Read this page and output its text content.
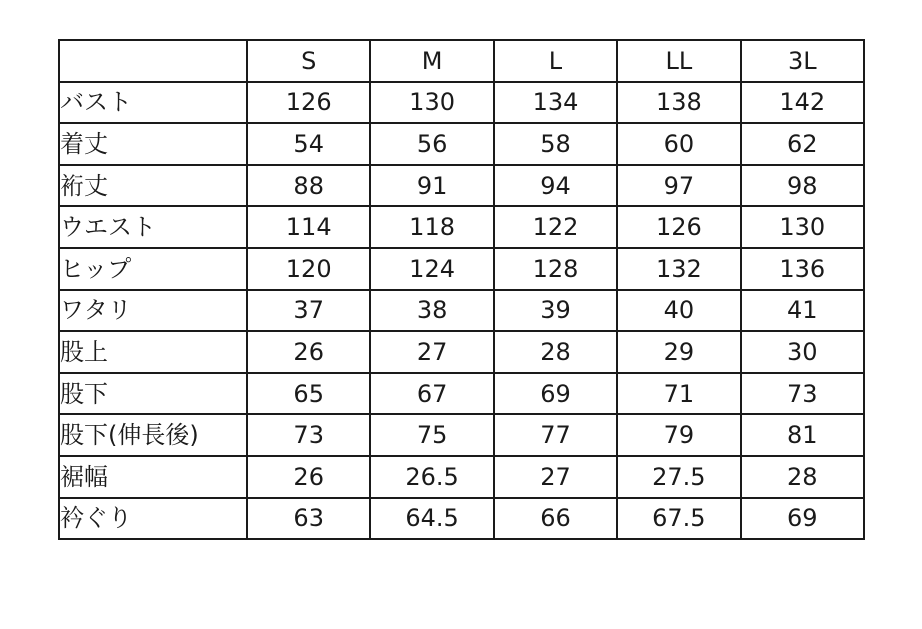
	S	M	L	LL	3L
バスト	126	130	134	138	142
着丈	54	56	58	60	62
裄丈	88	91	94	97	98
ウエスト	114	118	122	126	130
ヒップ	120	124	128	132	136
ワタリ	37	38	39	40	41
股上	26	27	28	29	30
股下	65	67	69	71	73
股下(伸長後)	73	75	77	79	81
裾幅	26	26.5	27	27.5	28
衿ぐり	63	64.5	66	67.5	69
